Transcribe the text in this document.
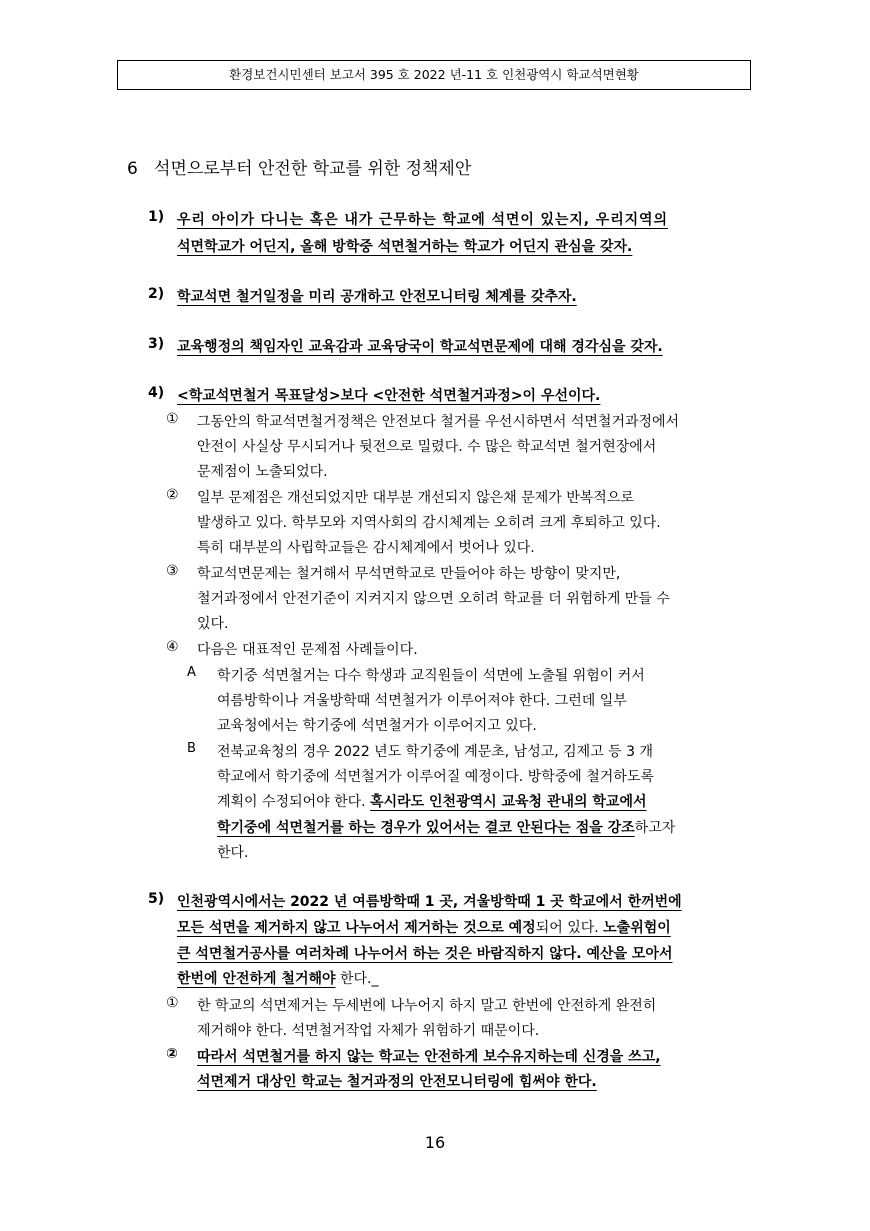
환경보건시민센터 보고서 395 호 2022 년-11 호 인천광역시 학교석면현황
6 석면으로부터 안전한 학교를 위한 정책제안
1) 우리 아이가 다니는 혹은 내가 근무하는 학교에 석면이 있는지, 우리지역의
석면학교가 어딘지, 올해 방학중 석면철거하는 학교가 어딘지 관심을 갖자.
2) 학교석면 철거일정을 미리 공개하고 안전모니터링 체계를 갖추자.
3) 교육행정의 책임자인 교육감과 교육당국이 학교석면문제에 대해 경각심을 갖자.
4) <학교석면철거 목표달성>보다 <안전한 석면철거과정>이 우선이다.
① 그동안의 학교석면철거정책은 안전보다 철거를 우선시하면서 석면철거과정에서
안전이 사실상 무시되거나 뒷전으로 밀렸다. 수 많은 학교석면 철거현장에서
문제점이 노출되었다.
② 일부 문제점은 개선되었지만 대부분 개선되지 않은채 문제가 반복적으로
발생하고 있다. 학부모와 지역사회의 감시체계는 오히려 크게 후퇴하고 있다.
특히 대부분의 사립학교들은 감시체계에서 벗어나 있다.
③ 학교석면문제는 철거해서 무석면학교로 만들어야 하는 방향이 맞지만,
철거과정에서 안전기준이 지켜지지 않으면 오히려 학교를 더 위험하게 만들 수
있다.
④ 다음은 대표적인 문제점 사례들이다.
A 학기중 석면철거는 다수 학생과 교직원들이 석면에 노출될 위험이 커서
여름방학이나 겨울방학때 석면철거가 이루어져야 한다. 그런데 일부
교육청에서는 학기중에 석면철거가 이루어지고 있다.
B 전북교육청의 경우 2022 년도 학기중에 계문초, 남성고, 김제고 등 3 개
학교에서 학기중에 석면철거가 이루어질 예정이다. 방학중에 철거하도록
계획이 수정되어야 한다. 혹시라도 인천광역시 교육청 관내의 학교에서
학기중에 석면철거를 하는 경우가 있어서는 결코 안된다는 점을 강조하고자
한다.
5) 인천광역시에서는 2022 년 여름방학때 1 곳, 겨울방학때 1 곳 학교에서 한꺼번에
모든 석면을 제거하지 않고 나누어서 제거하는 것으로 예정되어 있다. 노출위험이
큰 석면철거공사를 여러차례 나누어서 하는 것은 바람직하지 않다. 예산을 모아서
한번에 안전하게 철거해야 한다._
① 한 학교의 석면제거는 두세번에 나누어지 하지 말고 한번에 안전하게 완전히
제거해야 한다. 석면철거작업 자체가 위험하기 때문이다.
② 따라서 석면철거를 하지 않는 학교는 안전하게 보수유지하는데 신경을 쓰고,
석면제거 대상인 학교는 철거과정의 안전모니터링에 힘써야 한다.
16
